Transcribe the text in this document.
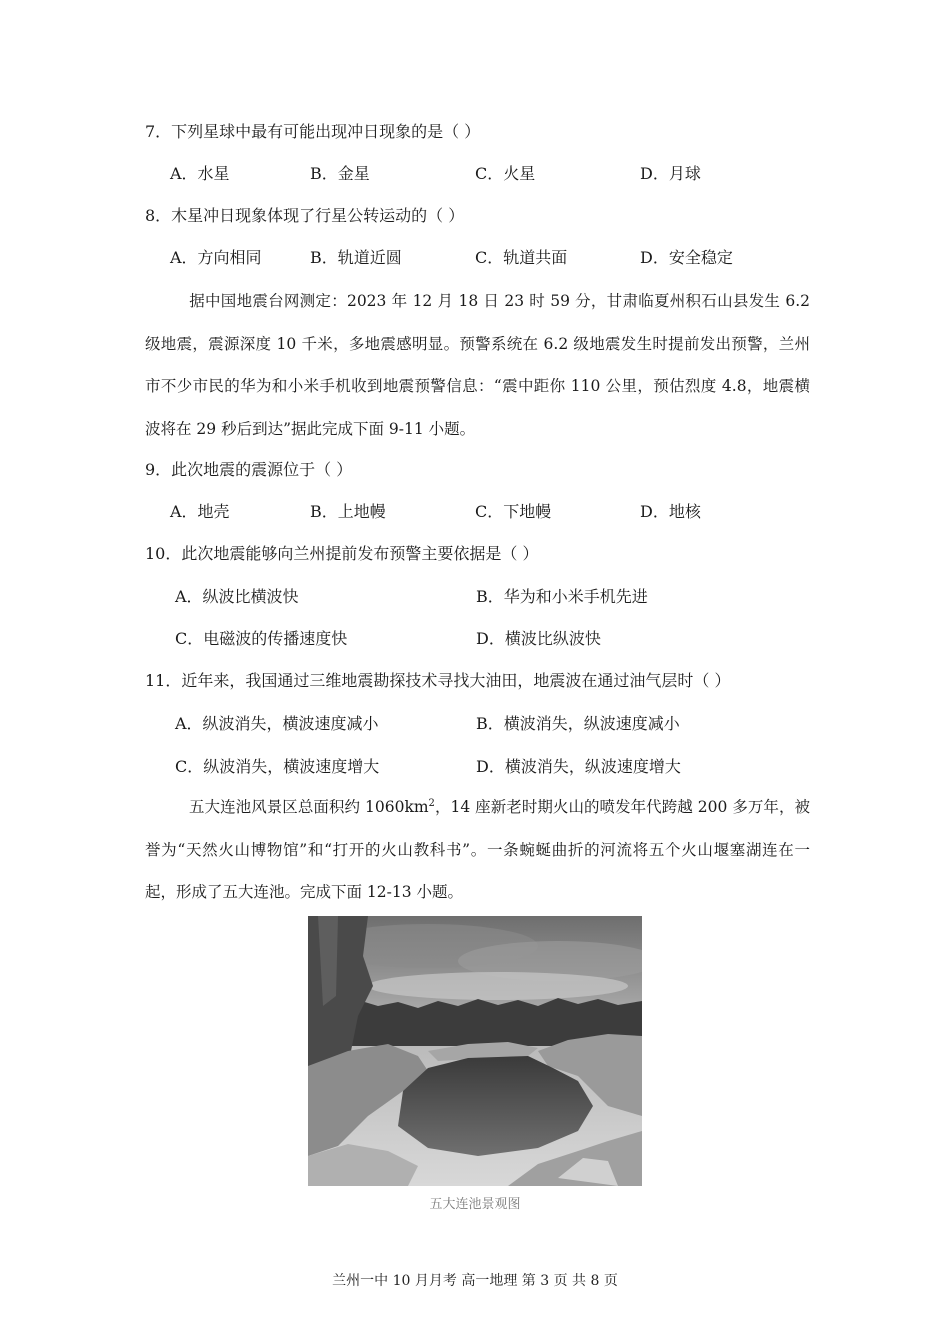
7．下列星球中最有可能出现冲日现象的是（ ）
A．水星	B．金星	C．火星	D．月球
8．木星冲日现象体现了行星公转运动的（ ）
A．方向相同	B．轨道近圆	C．轨道共面	D．安全稳定
据中国地震台网测定：2023 年 12 月 18 日 23 时 59 分，甘肃临夏州积石山县发生 6.2 级地震，震源深度 10 千米，多地震感明显。预警系统在 6.2 级地震发生时提前发出预警，兰州市不少市民的华为和小米手机收到地震预警信息：“震中距你 110 公里，预估烈度 4.8，地震横波将在 29 秒后到达”据此完成下面 9-11 小题。
9．此次地震的震源位于（ ）
A．地壳	B．上地幔	C．下地幔	D．地核
10．此次地震能够向兰州提前发布预警主要依据是（ ）
A．纵波比横波快	B．华为和小米手机先进
C．电磁波的传播速度快	D．横波比纵波快
11．近年来，我国通过三维地震勘探技术寻找大油田，地震波在通过油气层时（ ）
A．纵波消失，横波速度减小	B．横波消失，纵波速度减小
C．纵波消失，横波速度增大	D．横波消失，纵波速度增大
五大连池风景区总面积约 $1060km^2$，14 座新老时期火山的喷发年代跨越 200 多万年，被誉为“天然火山博物馆”和“打开的火山教科书”。一条蜿蜒曲折的河流将五个火山堰塞湖连在一起，形成了五大连池。完成下面 12-13 小题。
五大连池景观图
兰州一中 10 月月考 高一地理 第 3 页 共 8 页
